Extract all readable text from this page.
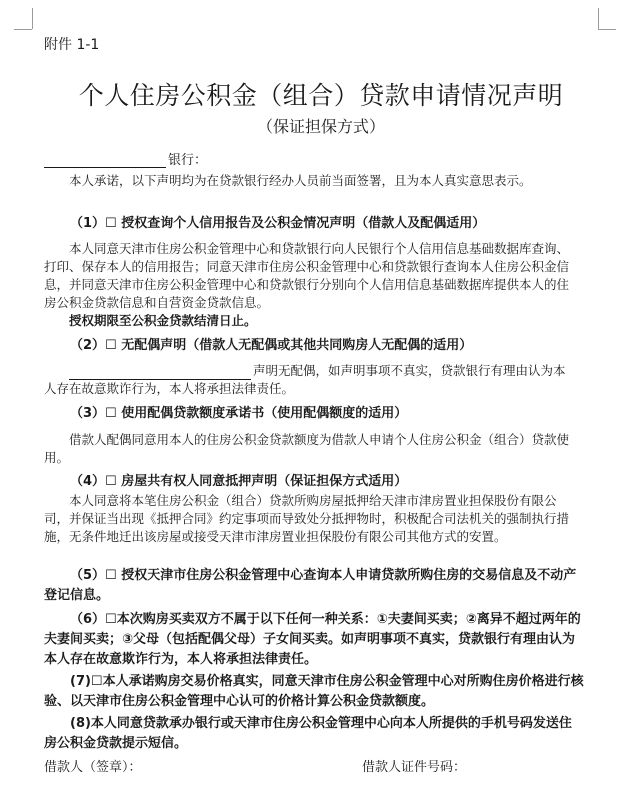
附件 1-1
个人住房公积金（组合）贷款申请情况声明
（保证担保方式）
银行：
本人承诺，以下声明均为在贷款银行经办人员前当面签署，且为本人真实意思表示。
（1）☐ 授权查询个人信用报告及公积金情况声明（借款人及配偶适用）
本人同意天津市住房公积金管理中心和贷款银行向人民银行个人信用信息基础数据库查询、打印、保存本人的信用报告；同意天津市住房公积金管理中心和贷款银行查询本人住房公积金信息，并同意天津市住房公积金管理中心和贷款银行分别向个人信用信息基础数据库提供本人的住房公积金贷款信息和自营资金贷款信息。
授权期限至公积金贷款结清日止。
（2）☐ 无配偶声明（借款人无配偶或其他共同购房人无配偶的适用）
声明无配偶，如声明事项不真实，贷款银行有理由认为本人存在故意欺诈行为，本人将承担法律责任。
（3）☐ 使用配偶贷款额度承诺书（使用配偶额度的适用）
借款人配偶同意用本人的住房公积金贷款额度为借款人申请个人住房公积金（组合）贷款使用。
（4）☐ 房屋共有权人同意抵押声明（保证担保方式适用）
本人同意将本笔住房公积金（组合）贷款所购房屋抵押给天津市津房置业担保股份有限公司，并保证当出现《抵押合同》约定事项而导致处分抵押物时，积极配合司法机关的强制执行措施，无条件地迁出该房屋或接受天津市津房置业担保股份有限公司其他方式的安置。
（5）☐ 授权天津市住房公积金管理中心查询本人申请贷款所购住房的交易信息及不动产登记信息。
（6）☐本次购房买卖双方不属于以下任何一种关系：①夫妻间买卖；②离异不超过两年的夫妻间买卖；③父母（包括配偶父母）子女间买卖。如声明事项不真实，贷款银行有理由认为本人存在故意欺诈行为，本人将承担法律责任。
(7)☐本人承诺购房交易价格真实，同意天津市住房公积金管理中心对所购住房价格进行核验、以天津市住房公积金管理中心认可的价格计算公积金贷款额度。
(8)本人同意贷款承办银行或天津市住房公积金管理中心向本人所提供的手机号码发送住房公积金贷款提示短信。
借款人（签章）：	借款人证件号码：
